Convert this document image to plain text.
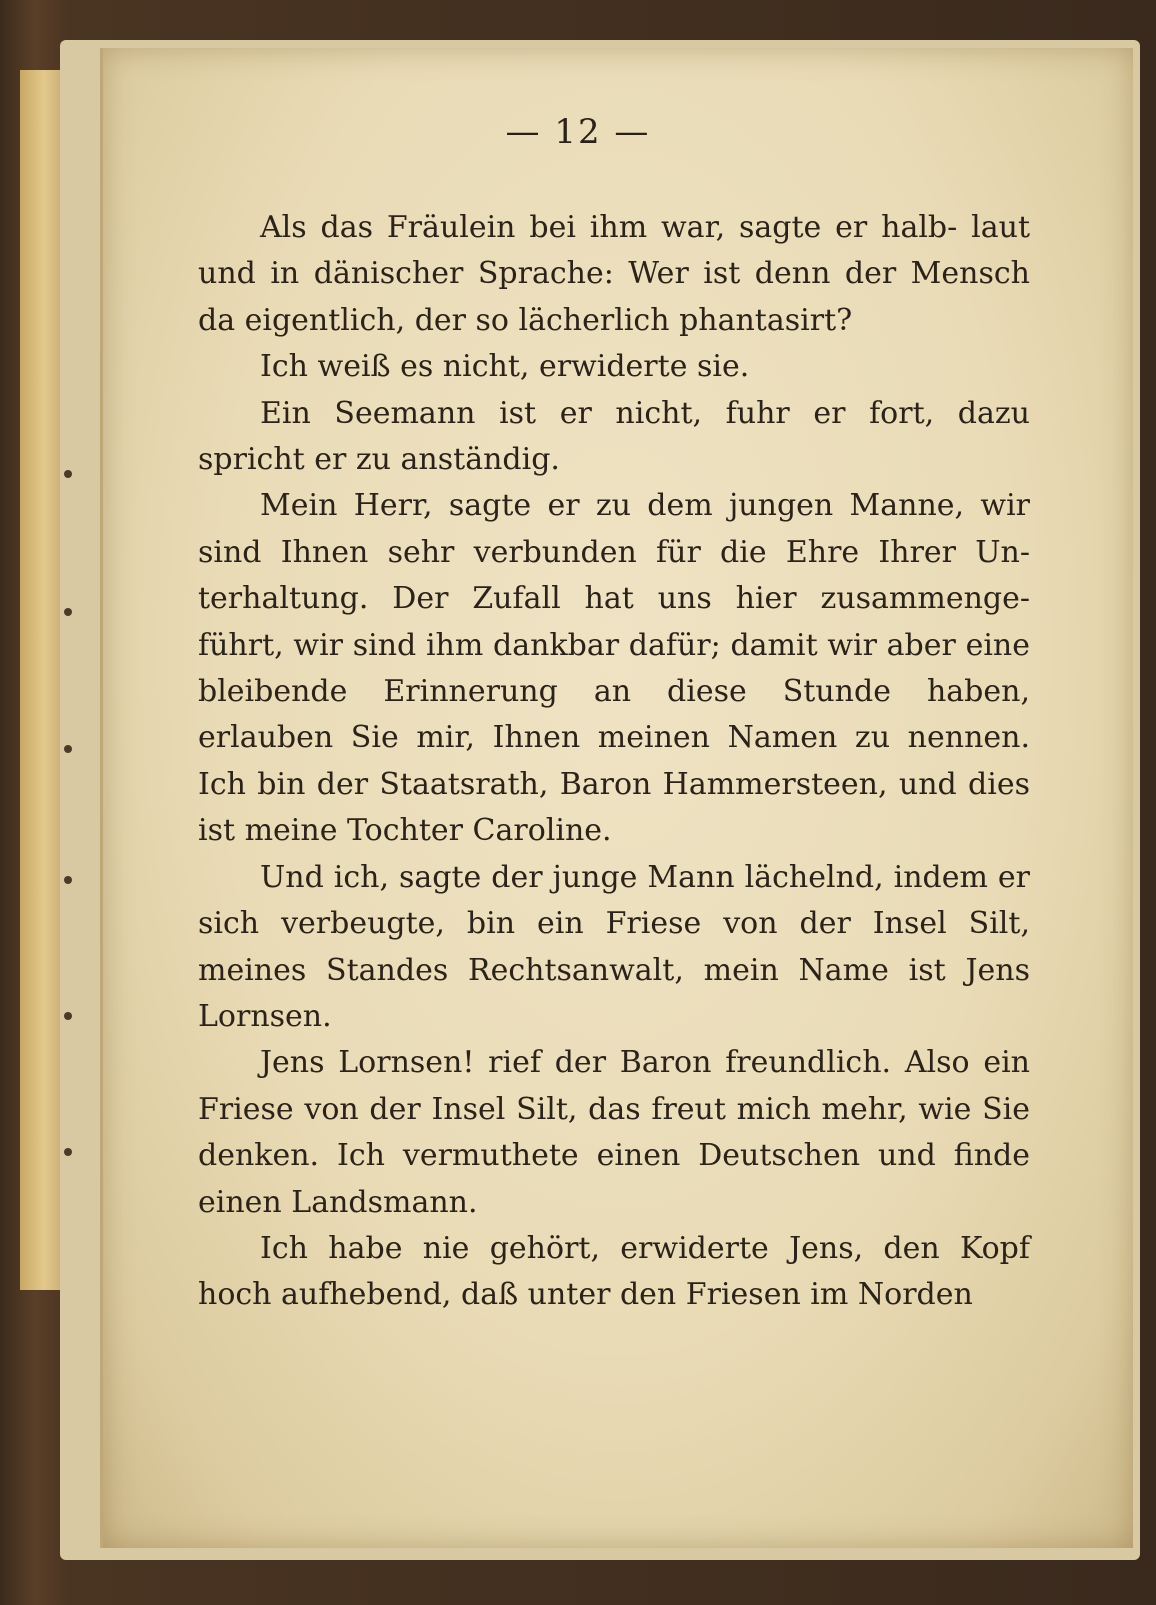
— 12 —

Als das Fräulein bei ihm war, sagte er halb- laut und in dänischer Sprache: Wer ist denn der Mensch da eigentlich, der so lächerlich phantasirt?

Ich weiß es nicht, erwiderte sie.

Ein Seemann ist er nicht, fuhr er fort, dazu spricht er zu anständig.

Mein Herr, sagte er zu dem jungen Manne, wir sind Ihnen sehr verbunden für die Ehre Ihrer Un- terhaltung. Der Zufall hat uns hier zusammenge- führt, wir sind ihm dankbar dafür; damit wir aber eine bleibende Erinnerung an diese Stunde haben, erlauben Sie mir, Ihnen meinen Namen zu nennen. Ich bin der Staatsrath, Baron Hammersteen, und dies ist meine Tochter Caroline.

Und ich, sagte der junge Mann lächelnd, indem er sich verbeugte, bin ein Friese von der Insel Silt, meines Standes Rechtsanwalt, mein Name ist Jens Lornsen.

Jens Lornsen! rief der Baron freundlich. Also ein Friese von der Insel Silt, das freut mich mehr, wie Sie denken. Ich vermuthete einen Deutschen und finde einen Landsmann.

Ich habe nie gehört, erwiderte Jens, den Kopf hoch aufhebend, daß unter den Friesen im Norden
